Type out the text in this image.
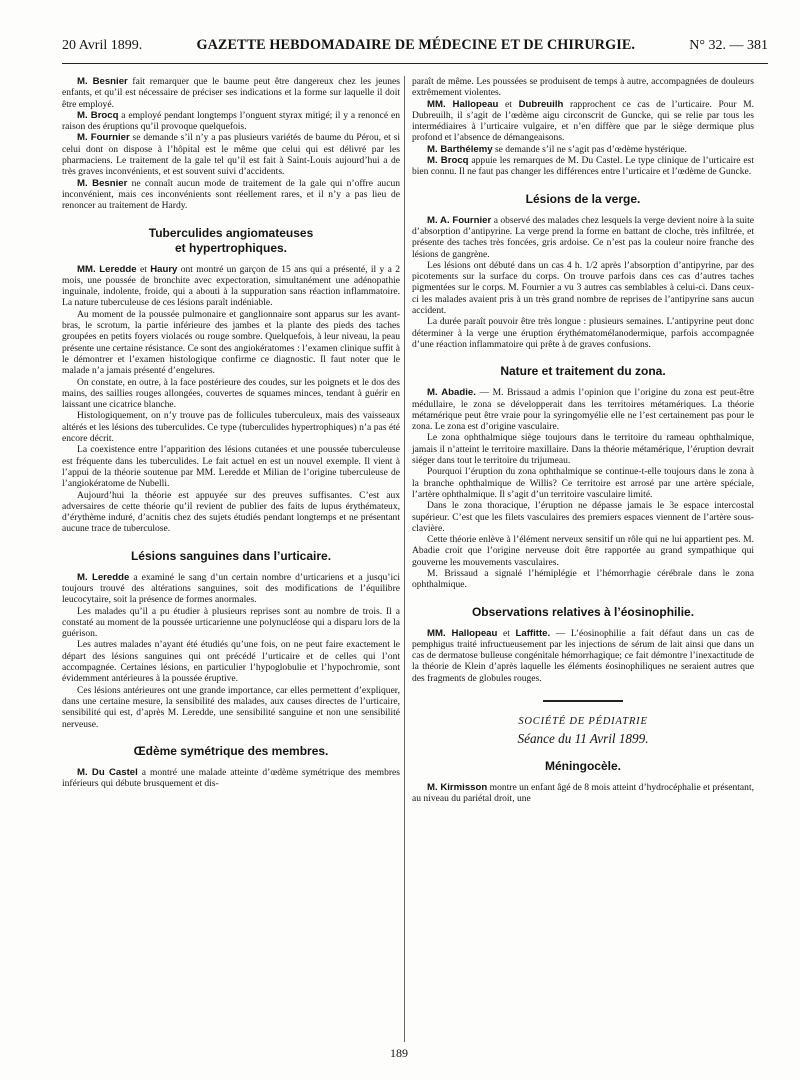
20 Avril 1899.	GAZETTE HEBDOMADAIRE DE MÉDECINE ET DE CHIRURGIE.	N° 32. — 381

M. Besnier fait remarquer que le baume peut être dangereux chez les jeunes enfants, et qu’il est nécessaire de préciser ses indications et la forme sur laquelle il doit être employé.

M. Brocq a employé pendant longtemps l’onguent styrax mitigé; il y a renoncé en raison des éruptions qu’il provoque quelquefois.

M. Fournier se demande s’il n’y a pas plusieurs variétés de baume du Pérou, et si celui dont on dispose à l’hôpital est le même que celui qui est délivré par les pharmaciens. Le traitement de la gale tel qu’il est fait à Saint-Louis aujourd’hui a de très graves inconvénients, et est souvent suivi d’accidents.

M. Besnier ne connaît aucun mode de traitement de la gale qui n’offre aucun inconvénient, mais ces inconvénients sont réellement rares, et il n’y a pas lieu de renoncer au traitement de Hardy.

Tuberculides angiomateuses
et hypertrophiques.

MM. Leredde et Haury ont montré un garçon de 15 ans qui a présenté, il y a 2 mois, une poussée de bronchite avec expectoration, simultanément une adénopathie inguinale, indolente, froide, qui a abouti à la suppuration sans réaction inflammatoire. La nature tuberculeuse de ces lésions paraît indéniable.

Au moment de la poussée pulmonaire et ganglionnaire sont apparus sur les avant-bras, le scrotum, la partie inférieure des jambes et la plante des pieds des taches groupées en petits foyers violacés ou rouge sombre. Quelquefois, à leur niveau, la peau présente une certaine résistance. Ce sont des angiokératomes : l’examen clinique suffit à le démontrer et l’examen histologique confirme ce diagnostic. Il faut noter que le malade n’a jamais présenté d’engelures.

On constate, en outre, à la face postérieure des coudes, sur les poignets et le dos des mains, des saillies rouges allongées, couvertes de squames minces, tendant à guérir en laissant une cicatrice blanche.

Histologiquement, on n’y trouve pas de follicules tuberculeux, mais des vaisseaux altérés et les lésions des tuberculides. Ce type (tuberculides hypertrophiques) n’a pas été encore décrit.

La coexistence entre l’apparition des lésions cutanées et une poussée tuberculeuse est fréquente dans les tuberculides. Le fait actuel en est un nouvel exemple. Il vient à l’appui de la théorie soutenue par MM. Leredde et Milian de l’origine tuberculeuse de l’angiokératome de Nubelli.

Aujourd’hui la théorie est appuyée sur des preuves suffisantes. C’est aux adversaires de cette théorie qu’il revient de publier des faits de lupus érythémateux, d’érythème induré, d’acnitis chez des sujets étudiés pendant longtemps et ne présentant aucune trace de tuberculose.

Lésions sanguines dans l’urticaire.

M. Leredde a examiné le sang d’un certain nombre d’urticariens et a jusqu’ici toujours trouvé des altérations sanguines, soit des modifications de l’équilibre leucocytaire, soit la présence de formes anormales.

Les malades qu’il a pu étudier à plusieurs reprises sont au nombre de trois. Il a constaté au moment de la poussée urticarienne une polynucléose qui a disparu lors de la guérison.

Les autres malades n’ayant été étudiés qu’une fois, on ne peut faire exactement le départ des lésions sanguines qui ont précédé l’urticaire et de celles qui l’ont accompagnée. Certaines lésions, en particulier l’hypoglobulie et l’hypochromie, sont évidemment antérieures à la poussée éruptive.

Ces lésions antérieures ont une grande importance, car elles permettent d’expliquer, dans une certaine mesure, la sensibilité des malades, aux causes directes de l’urticaire, sensibilité qui est, d’après M. Leredde, une sensibilité sanguine et non une sensibilité nerveuse.

Œdème symétrique des membres.

M. Du Castel a montré une malade atteinte d’œdème symétrique des membres inférieurs qui débute brusquement et dis-

paraît de même. Les poussées se produisent de temps à autre, accompagnées de douleurs extrêmement violentes.

MM. Hallopeau et Dubreuilh rapprochent ce cas de l’urticaire. Pour M. Dubreuilh, il s’agit de l’œdème aigu circonscrit de Guncke, qui se relie par tous les intermédiaires à l’urticaire vulgaire, et n’en diffère que par le siège dermique plus profond et l’absence de démangeaisons.

M. Barthélemy se demande s’il ne s’agit pas d’œdème hystérique.

M. Brocq appuie les remarques de M. Du Castel. Le type clinique de l’urticaire est bien connu. Il ne faut pas changer les différences entre l’urticaire et l’œdème de Guncke.

Lésions de la verge.

M. A. Fournier a observé des malades chez lesquels la verge devient noire à la suite d’absorption d’antipyrine. La verge prend la forme en battant de cloche, très infiltrée, et présente des taches très foncées, gris ardoise. Ce n’est pas la couleur noire franche des lésions de gangrène.

Les lésions ont débuté dans un cas 4 h. 1/2 après l’absorption d’antipyrine, par des picotements sur la surface du corps. On trouve parfois dans ces cas d’autres taches pigmentées sur le corps. M. Fournier a vu 3 autres cas semblables à celui-ci. Dans ceux-ci les malades avaient pris à un très grand nombre de reprises de l’antipyrine sans aucun accident.

La durée paraît pouvoir être très longue : plusieurs semaines. L’antipyrine peut donc déterminer à la verge une éruption érythématomélanodermique, parfois accompagnée d’une réaction inflammatoire qui prête à de graves confusions.

Nature et traitement du zona.

M. Abadie. — M. Brissaud a admis l’opinion que l’origine du zona est peut-être médullaire, le zona se développerait dans les territoires métamériques. La théorie métamérique peut être vraie pour la syringomyélie elle ne l’est certainement pas pour le zona. Le zona est d’origine vasculaire.

Le zona ophthalmique siège toujours dans le territoire du rameau ophthalmique, jamais il n’atteint le territoire maxillaire. Dans la théorie métamérique, l’éruption devrait siéger dans tout le territoire du trijumeau.

Pourquoi l’éruption du zona ophthalmique se continue-t-elle toujours dans le zona à la branche ophthalmique de Willis? Ce territoire est arrosé par une artère spéciale, l’artère ophthalmique. Il s’agit d’un territoire vasculaire limité.

Dans le zona thoracique, l’éruption ne dépasse jamais le 3e espace intercostal supérieur. C’est que les filets vasculaires des premiers espaces viennent de l’artère sous-clavière.

Cette théorie enlève à l’élément nerveux sensitif un rôle qui ne lui appartient pes. M. Abadie croit que l’origine nerveuse doit être rapportée au grand sympathique qui gouverne les mouvements vasculaires.

M. Brissaud a signalé l’hémiplégie et l’hémorrhagie cérébrale dans le zona ophthalmique.

Observations relatives à l’éosinophilie.

MM. Hallopeau et Laffitte. — L’éosinophilie a fait défaut dans un cas de pemphigus traité infructueusement par les injections de sérum de lait ainsi que dans un cas de dermatose bulleuse congénitale hémorrhagique; ce fait démontre l’inexactitude de la théorie de Klein d’après laquelle les éléments éosinophiliques ne seraient autres que des fragments de globules rouges.

SOCIÉTÉ DE PÉDIATRIE
Séance du 11 Avril 1899.
Méningocèle.

M. Kirmisson montre un enfant âgé de 8 mois atteint d’hydrocéphalie et présentant, au niveau du pariétal droit, une

189
